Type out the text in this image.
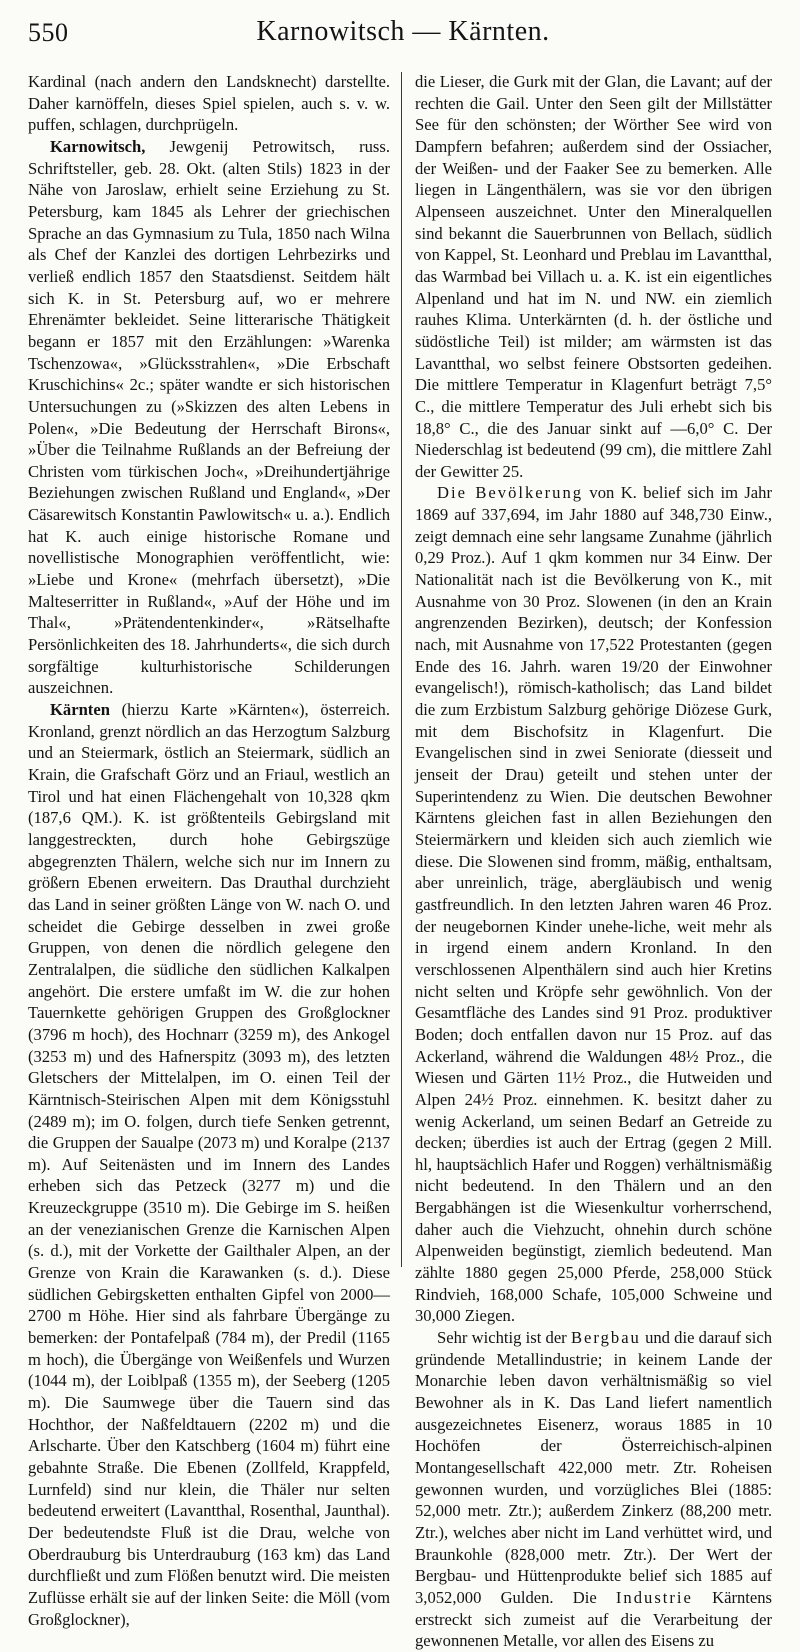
550	Karnowitsch — Kärnten.

Kardinal (nach andern den Landsknecht) darstellte. Daher karnöffeln, dieses Spiel spielen, auch s. v. w. puffen, schlagen, durchprügeln.

Karnowitsch, Jewgenij Petrowitsch, russ. Schriftsteller, geb. 28. Okt. (alten Stils) 1823 in der Nähe von Jaroslaw, erhielt seine Erziehung zu St. Petersburg, kam 1845 als Lehrer der griechischen Sprache an das Gymnasium zu Tula, 1850 nach Wilna als Chef der Kanzlei des dortigen Lehrbezirks und verließ endlich 1857 den Staatsdienst. Seitdem hält sich K. in St. Petersburg auf, wo er mehrere Ehrenämter bekleidet. Seine litterarische Thätigkeit begann er 1857 mit den Erzählungen: »Warenka Tschenzowa«, »Glücksstrahlen«, »Die Erbschaft Kruschichins« 2c.; später wandte er sich historischen Untersuchungen zu (»Skizzen des alten Lebens in Polen«, »Die Bedeutung der Herrschaft Birons«, »Über die Teilnahme Rußlands an der Befreiung der Christen vom türkischen Joch«, »Dreihundertjährige Beziehungen zwischen Rußland und England«, »Der Cäsarewitsch Konstantin Pawlowitsch« u. a.). Endlich hat K. auch einige historische Romane und novellistische Monographien veröffentlicht, wie: »Liebe und Krone« (mehrfach übersetzt), »Die Malteserritter in Rußland«, »Auf der Höhe und im Thal«, »Prätendentenkinder«, »Rätselhafte Persönlichkeiten des 18. Jahrhunderts«, die sich durch sorgfältige kulturhistorische Schilderungen auszeichnen.

Kärnten (hierzu Karte »Kärnten«), österreich. Kronland, grenzt nördlich an das Herzogtum Salzburg und an Steiermark, östlich an Steiermark, südlich an Krain, die Grafschaft Görz und an Friaul, westlich an Tirol und hat einen Flächengehalt von 10,328 qkm (187,6 QM.). K. ist größtenteils Gebirgsland mit langgestreckten, durch hohe Gebirgszüge abgegrenzten Thälern, welche sich nur im Innern zu größern Ebenen erweitern. Das Drauthal durchzieht das Land in seiner größten Länge von W. nach O. und scheidet die Gebirge desselben in zwei große Gruppen, von denen die nördlich gelegene den Zentralalpen, die südliche den südlichen Kalkalpen angehört. Die erstere umfaßt im W. die zur hohen Tauernkette gehörigen Gruppen des Großglockner (3796 m hoch), des Hochnarr (3259 m), des Ankogel (3253 m) und des Hafnerspitz (3093 m), des letzten Gletschers der Mittelalpen, im O. einen Teil der Kärntnisch-Steirischen Alpen mit dem Königsstuhl (2489 m); im O. folgen, durch tiefe Senken getrennt, die Gruppen der Saualpe (2073 m) und Koralpe (2137 m). Auf Seitenästen und im Innern des Landes erheben sich das Petzeck (3277 m) und die Kreuzeckgruppe (3510 m). Die Gebirge im S. heißen an der venezianischen Grenze die Karnischen Alpen (s. d.), mit der Vorkette der Gailthaler Alpen, an der Grenze von Krain die Karawanken (s. d.). Diese südlichen Gebirgsketten enthalten Gipfel von 2000—2700 m Höhe. Hier sind als fahrbare Übergänge zu bemerken: der Pontafelpaß (784 m), der Predil (1165 m hoch), die Übergänge von Weißenfels und Wurzen (1044 m), der Loiblpaß (1355 m), der Seeberg (1205 m). Die Saumwege über die Tauern sind das Hochthor, der Naßfeldtauern (2202 m) und die Arlscharte. Über den Katschberg (1604 m) führt eine gebahnte Straße. Die Ebenen (Zollfeld, Krappfeld, Lurnfeld) sind nur klein, die Thäler nur selten bedeutend erweitert (Lavantthal, Rosenthal, Jaunthal). Der bedeutendste Fluß ist die Drau, welche von Oberdrauburg bis Unterdrauburg (163 km) das Land durchfließt und zum Flößen benutzt wird. Die meisten Zuflüsse erhält sie auf der linken Seite: die Möll (vom Großglockner),

die Lieser, die Gurk mit der Glan, die Lavant; auf der rechten die Gail. Unter den Seen gilt der Millstätter See für den schönsten; der Wörther See wird von Dampfern befahren; außerdem sind der Ossiacher, der Weißen- und der Faaker See zu bemerken. Alle liegen in Längenthälern, was sie vor den übrigen Alpenseen auszeichnet. Unter den Mineralquellen sind bekannt die Sauerbrunnen von Bellach, südlich von Kappel, St. Leonhard und Preblau im Lavantthal, das Warmbad bei Villach u. a. K. ist ein eigentliches Alpenland und hat im N. und NW. ein ziemlich rauhes Klima. Unterkärnten (d. h. der östliche und südöstliche Teil) ist milder; am wärmsten ist das Lavantthal, wo selbst feinere Obstsorten gedeihen. Die mittlere Temperatur in Klagenfurt beträgt 7,5° C., die mittlere Temperatur des Juli erhebt sich bis 18,8° C., die des Januar sinkt auf —6,0° C. Der Niederschlag ist bedeutend (99 cm), die mittlere Zahl der Gewitter 25.

Die Bevölkerung von K. belief sich im Jahr 1869 auf 337,694, im Jahr 1880 auf 348,730 Einw., zeigt demnach eine sehr langsame Zunahme (jährlich 0,29 Proz.). Auf 1 qkm kommen nur 34 Einw. Der Nationalität nach ist die Bevölkerung von K., mit Ausnahme von 30 Proz. Slowenen (in den an Krain angrenzenden Bezirken), deutsch; der Konfession nach, mit Ausnahme von 17,522 Protestanten (gegen Ende des 16. Jahrh. waren 19/20 der Einwohner evangelisch!), römisch-katholisch; das Land bildet die zum Erzbistum Salzburg gehörige Diözese Gurk, mit dem Bischofsitz in Klagenfurt. Die Evangelischen sind in zwei Seniorate (diesseit und jenseit der Drau) geteilt und stehen unter der Superintendenz zu Wien. Die deutschen Bewohner Kärntens gleichen fast in allen Beziehungen den Steiermärkern und kleiden sich auch ziemlich wie diese. Die Slowenen sind fromm, mäßig, enthaltsam, aber unreinlich, träge, abergläubisch und wenig gastfreundlich. In den letzten Jahren waren 46 Proz. der neugebornen Kinder unehe-liche, weit mehr als in irgend einem andern Kronland. In den verschlossenen Alpenthälern sind auch hier Kretins nicht selten und Kröpfe sehr gewöhnlich. Von der Gesamtfläche des Landes sind 91 Proz. produktiver Boden; doch entfallen davon nur 15 Proz. auf das Ackerland, während die Waldungen 48½ Proz., die Wiesen und Gärten 11½ Proz., die Hutweiden und Alpen 24½ Proz. einnehmen. K. besitzt daher zu wenig Ackerland, um seinen Bedarf an Getreide zu decken; überdies ist auch der Ertrag (gegen 2 Mill. hl, hauptsächlich Hafer und Roggen) verhältnismäßig nicht bedeutend. In den Thälern und an den Bergabhängen ist die Wiesenkultur vorherrschend, daher auch die Viehzucht, ohnehin durch schöne Alpenweiden begünstigt, ziemlich bedeutend. Man zählte 1880 gegen 25,000 Pferde, 258,000 Stück Rindvieh, 168,000 Schafe, 105,000 Schweine und 30,000 Ziegen.

Sehr wichtig ist der Bergbau und die darauf sich gründende Metallindustrie; in keinem Lande der Monarchie leben davon verhältnismäßig so viel Bewohner als in K. Das Land liefert namentlich ausgezeichnetes Eisenerz, woraus 1885 in 10 Hochöfen der Österreichisch-alpinen Montangesellschaft 422,000 metr. Ztr. Roheisen gewonnen wurden, und vorzügliches Blei (1885: 52,000 metr. Ztr.); außerdem Zinkerz (88,200 metr. Ztr.), welches aber nicht im Land verhüttet wird, und Braunkohle (828,000 metr. Ztr.). Der Wert der Bergbau- und Hüttenprodukte belief sich 1885 auf 3,052,000 Gulden. Die Industrie Kärntens erstreckt sich zumeist auf die Verarbeitung der gewonnenen Metalle, vor allen des Eisens zu
